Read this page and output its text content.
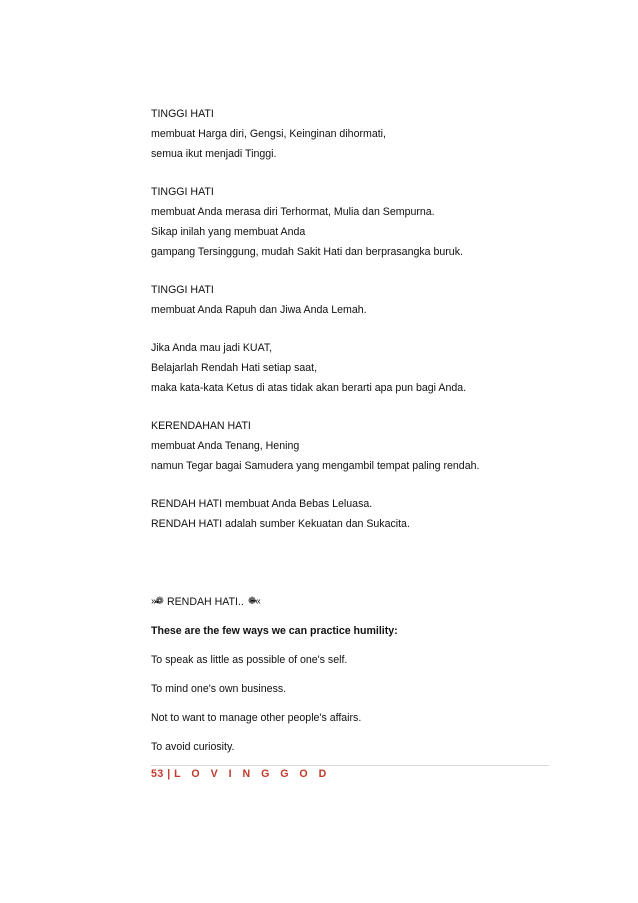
TINGGI HATI
membuat Harga diri, Gengsi, Keinginan dihormati,
semua ikut menjadi Tinggi.
TINGGI HATI
membuat Anda merasa diri Terhormat, Mulia dan Sempurna.
Sikap inilah yang membuat Anda
gampang Tersinggung, mudah Sakit Hati dan berprasangka buruk.
TINGGI HATI
membuat Anda Rapuh dan Jiwa Anda Lemah.
Jika Anda mau jadi KUAT,
Belajarlah Rendah Hati setiap saat,
maka kata-kata Ketus di atas tidak akan berarti apa pun bagi Anda.
KERENDAHAN HATI
membuat Anda Tenang, Hening
namun Tegar bagai Samudera yang mengambil tempat paling rendah.
RENDAH HATI membuat Anda Bebas Leluasa.
RENDAH HATI adalah sumber Kekuatan dan Sukacita.
»̴̴̴̴̴̴̴̴̴̴̴̴❁ RENDAH HATI.. ❁̴̴̴̴̴̴̴̴̴̴̴̴«
These are the few ways we can practice humility:
To speak as little as possible of one's self.
To mind one's own business.
Not to want to manage other people's affairs.
To avoid curiosity.
53 | L O V I N G G O D
